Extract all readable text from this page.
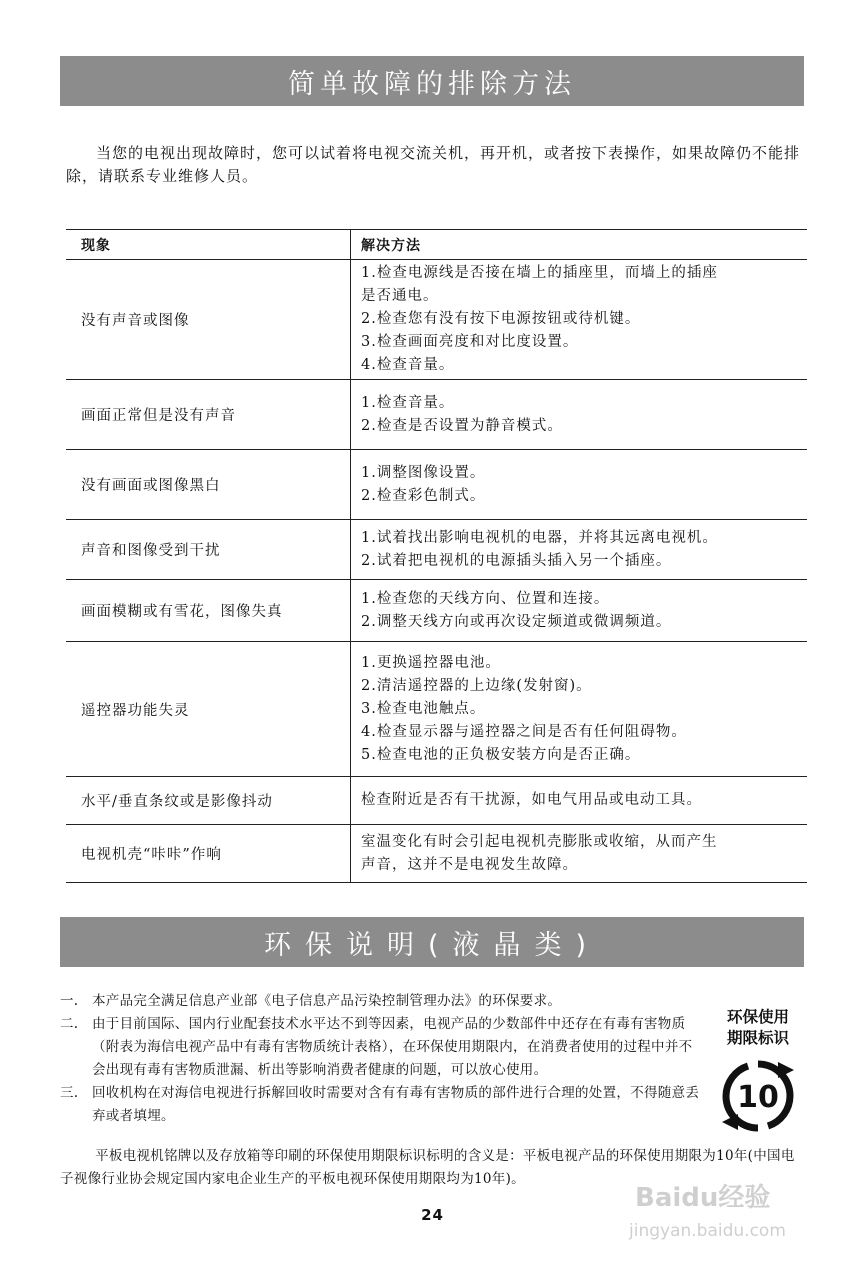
简单故障的排除方法
当您的电视出现故障时，您可以试着将电视交流关机，再开机，或者按下表操作，如果故障仍不能排除，请联系专业维修人员。
现象	解决方法
没有声音或图像	1.检查电源线是否接在墙上的插座里，而墙上的插座
是否通电。
2.检查您有没有按下电源按钮或待机键。
3.检查画面亮度和对比度设置。
4.检查音量。

画面正常但是没有声音	1.检查音量。
2.检查是否设置为静音模式。

没有画面或图像黑白	1.调整图像设置。
2.检查彩色制式。

声音和图像受到干扰	1.试着找出影响电视机的电器，并将其远离电视机。
2.试着把电视机的电源插头插入另一个插座。

画面模糊或有雪花，图像失真	1.检查您的天线方向、位置和连接。
2.调整天线方向或再次设定频道或微调频道。

遥控器功能失灵	1.更换遥控器电池。
2.清洁遥控器的上边缘(发射窗)。
3.检查电池触点。
4.检查显示器与遥控器之间是否有任何阻碍物。
5.检查电池的正负极安装方向是否正确。

水平/垂直条纹或是影像抖动	检查附近是否有干扰源，如电气用品或电动工具。

电视机壳“咔咔”作响	室温变化有时会引起电视机壳膨胀或收缩，从而产生
声音，这并不是电视发生故障。
一.	本产品完全满足信息产业部《电子信息产品污染控制管理办法》的环保要求。
二.	由于目前国际、国内行业配套技术水平达不到等因素，电视产品的少数部件中还存在有毒有害物质（附表为海信电视产品中有毒有害物质统计表格），在环保使用期限内，在消费者使用的过程中并不会出现有毒有害物质泄漏、析出等影响消费者健康的问题，可以放心使用。
三.	回收机构在对海信电视进行拆解回收时需要对含有有毒有害物质的部件进行合理的处置，不得随意丢弃或者填埋。
环保说明(液晶类)
环保使用
期限标识
10
平板电视机铭牌以及存放箱等印刷的环保使用期限标识标明的含义是：平板电视产品的环保使用期限为10年(中国电子视像行业协会规定国内家电企业生产的平板电视环保使用期限均为10年)。
24
Baidu经验
jingyan.baidu.com
